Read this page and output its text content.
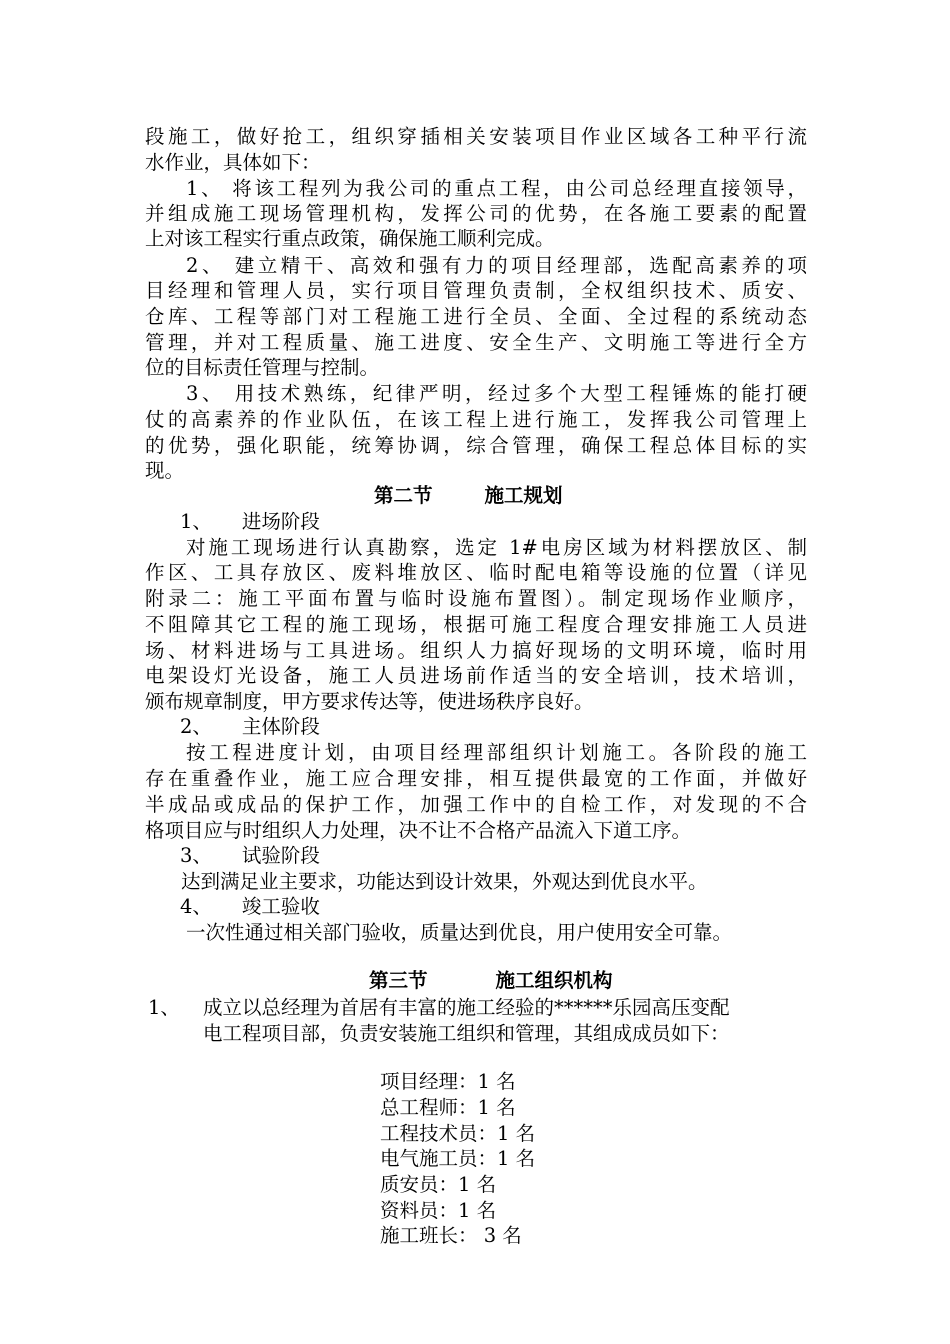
段施工，做好抢工，组织穿插相关安装项目作业区域各工种平行流
水作业，具体如下：
1、 将该工程列为我公司的重点工程，由公司总经理直接领导，
并组成施工现场管理机构，发挥公司的优势，在各施工要素的配置
上对该工程实行重点政策，确保施工顺利完成。
2、 建立精干、高效和强有力的项目经理部，选配高素养的项
目经理和管理人员，实行项目管理负责制，全权组织技术、质安、
仓库、工程等部门对工程施工进行全员、全面、全过程的系统动态
管理，并对工程质量、施工进度、安全生产、文明施工等进行全方
位的目标责任管理与控制。
3、 用技术熟练，纪律严明，经过多个大型工程锤炼的能打硬
仗的高素养的作业队伍，在该工程上进行施工，发挥我公司管理上
的优势，强化职能，统筹协调，综合管理，确保工程总体目标的实
现。
第二节	施工规划
1、 进场阶段
对施工现场进行认真勘察，选定 1#电房区域为材料摆放区、制
作区、工具存放区、废料堆放区、临时配电箱等设施的位置（详见
附录二：施工平面布置与临时设施布置图）。制定现场作业顺序，
不阻障其它工程的施工现场，根据可施工程度合理安排施工人员进
场、材料进场与工具进场。组织人力搞好现场的文明环境，临时用
电架设灯光设备，施工人员进场前作适当的安全培训，技术培训，
颁布规章制度，甲方要求传达等，使进场秩序良好。
2、 主体阶段
按工程进度计划，由项目经理部组织计划施工。各阶段的施工
存在重叠作业，施工应合理安排，相互提供最宽的工作面，并做好
半成品或成品的保护工作，加强工作中的自检工作，对发现的不合
格项目应与时组织人力处理，决不让不合格产品流入下道工序。
3、 试验阶段
达到满足业主要求，功能达到设计效果，外观达到优良水平。
4、 竣工验收
一次性通过相关部门验收，质量达到优良，用户使用安全可靠。
第三节	施工组织机构
1、 成立以总经理为首居有丰富的施工经验的******乐园高压变配
电工程项目部，负责安装施工组织和管理，其组成成员如下：
项目经理：1 名
总工程师：1 名
工程技术员：1 名
电气施工员：1 名
质安员：1 名
资料员：1 名
施工班长： 3 名
